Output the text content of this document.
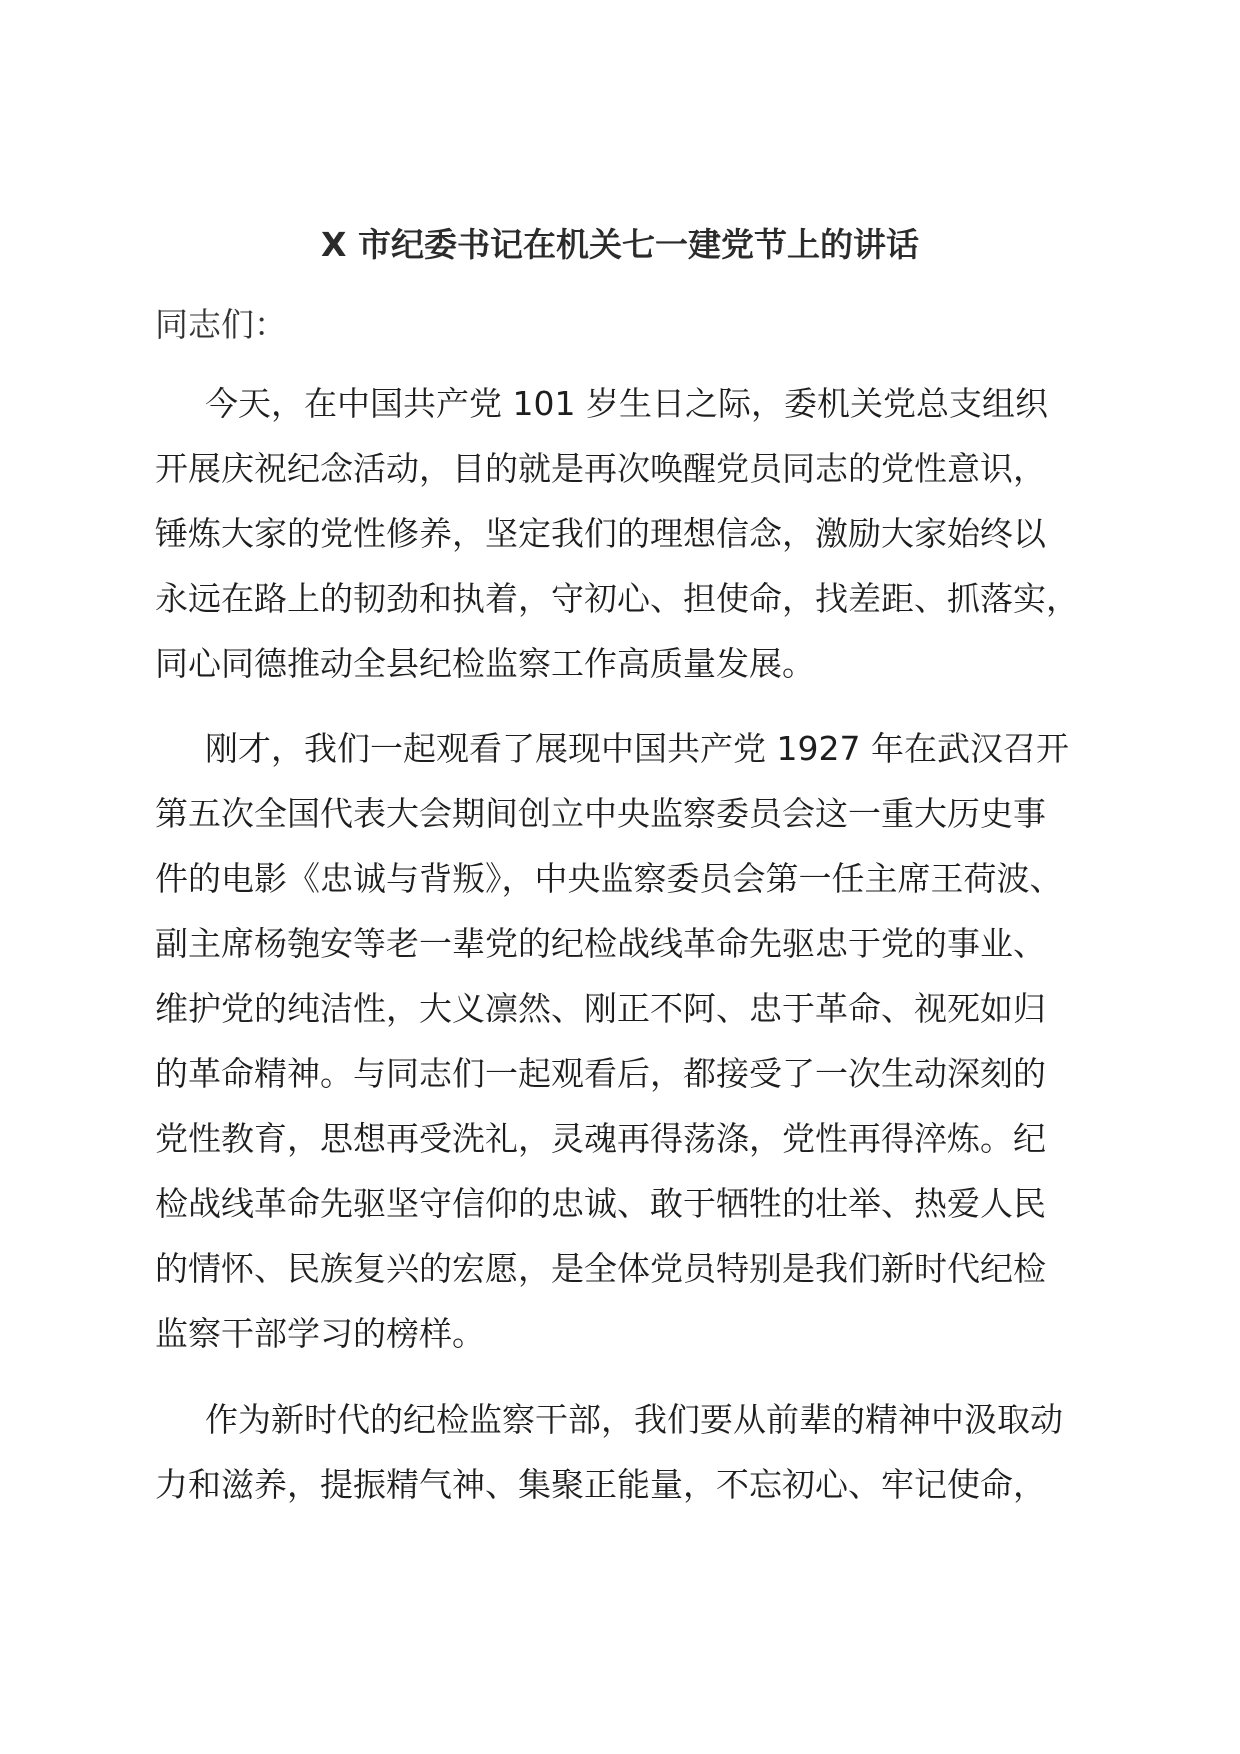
X 市纪委书记在机关七一建党节上的讲话
同志们：
今天，在中国共产党 101 岁生日之际，委机关党总支组织
开展庆祝纪念活动，目的就是再次唤醒党员同志的党性意识，
锤炼大家的党性修养，坚定我们的理想信念，激励大家始终以
永远在路上的韧劲和执着，守初心、担使命，找差距、抓落实，
同心同德推动全县纪检监察工作高质量发展。
刚才，我们一起观看了展现中国共产党 1927 年在武汉召开
第五次全国代表大会期间创立中央监察委员会这一重大历史事
件的电影《忠诚与背叛》，中央监察委员会第一任主席王荷波、
副主席杨匏安等老一辈党的纪检战线革命先驱忠于党的事业、
维护党的纯洁性，大义凛然、刚正不阿、忠于革命、视死如归
的革命精神。与同志们一起观看后，都接受了一次生动深刻的
党性教育，思想再受洗礼，灵魂再得荡涤，党性再得淬炼。纪
检战线革命先驱坚守信仰的忠诚、敢于牺牲的壮举、热爱人民
的情怀、民族复兴的宏愿，是全体党员特别是我们新时代纪检
监察干部学习的榜样。
作为新时代的纪检监察干部，我们要从前辈的精神中汲取动
力和滋养，提振精气神、集聚正能量，不忘初心、牢记使命，
